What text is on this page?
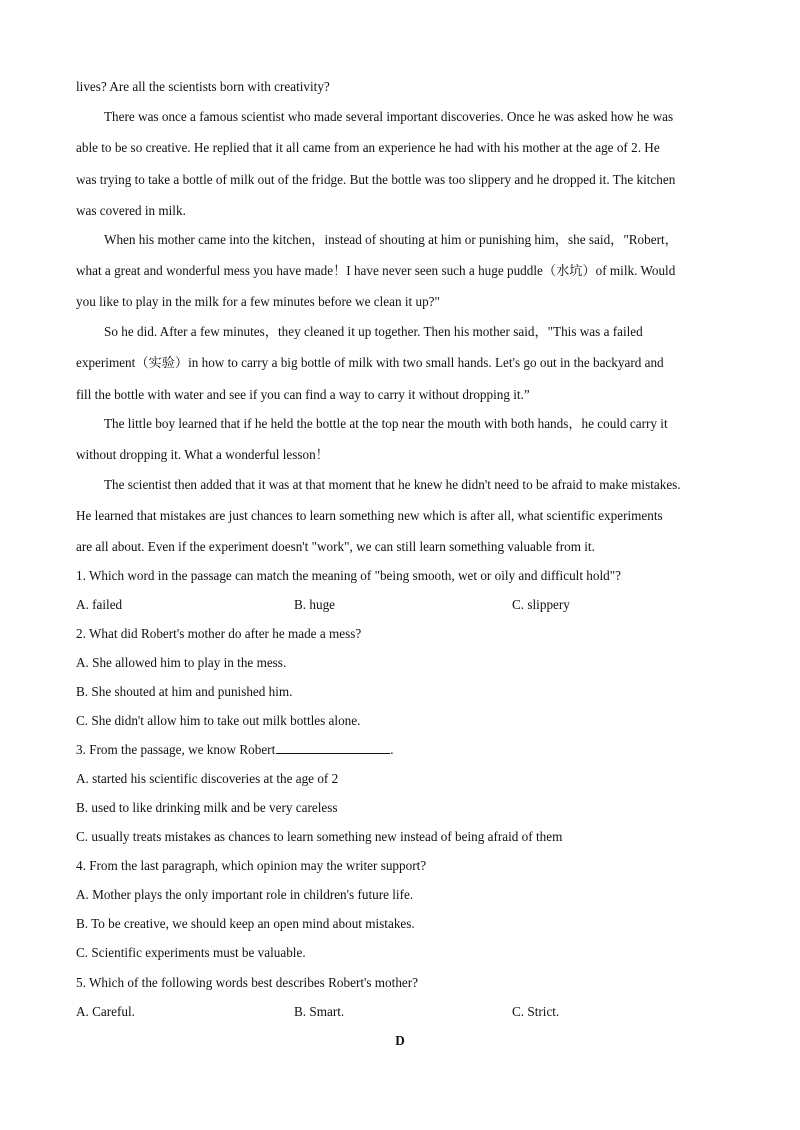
lives? Are all the scientists born with creativity?
There was once a famous scientist who made several important discoveries. Once he was asked how he was
able to be so creative. He replied that it all came from an experience he had with his mother at the age of 2. He
was trying to take a bottle of milk out of the fridge. But the bottle was too slippery and he dropped it. The kitchen
was covered in milk.
When his mother came into the kitchen，instead of shouting at him or punishing him，she said，"Robert，
what a great and wonderful mess you have made！I have never seen such a huge puddle（水坑）of milk. Would
you like to play in the milk for a few minutes before we clean it up?"
So he did. After a few minutes，they cleaned it up together. Then his mother said，"This was a failed
experiment（实验）in how to carry a big bottle of milk with two small hands. Let's go out in the backyard and
fill the bottle with water and see if you can find a way to carry it without dropping it.”
The little boy learned that if he held the bottle at the top near the mouth with both hands，he could carry it
without dropping it. What a wonderful lesson！
The scientist then added that it was at that moment that he knew he didn't need to be afraid to make mistakes.
He learned that mistakes are just chances to learn something new which is after all, what scientific experiments
are all about. Even if the experiment doesn't "work", we can still learn something valuable from it.
1. Which word in the passage can match the meaning of "being smooth, wet or oily and difficult hold"?
A. failed	B. huge	C. slippery
2. What did Robert's mother do after he made a mess?
A. She allowed him to play in the mess.
B. She shouted at him and punished him.
C. She didn't allow him to take out milk bottles alone.
3. From the passage, we know Robert	.
A. started his scientific discoveries at the age of 2
B. used to like drinking milk and be very careless
C. usually treats mistakes as chances to learn something new instead of being afraid of them
4. From the last paragraph, which opinion may the writer support?
A. Mother plays the only important role in children's future life.
B. To be creative, we should keep an open mind about mistakes.
C. Scientific experiments must be valuable.
5. Which of the following words best describes Robert's mother?
A. Careful.	B. Smart.	C. Strict.
D
